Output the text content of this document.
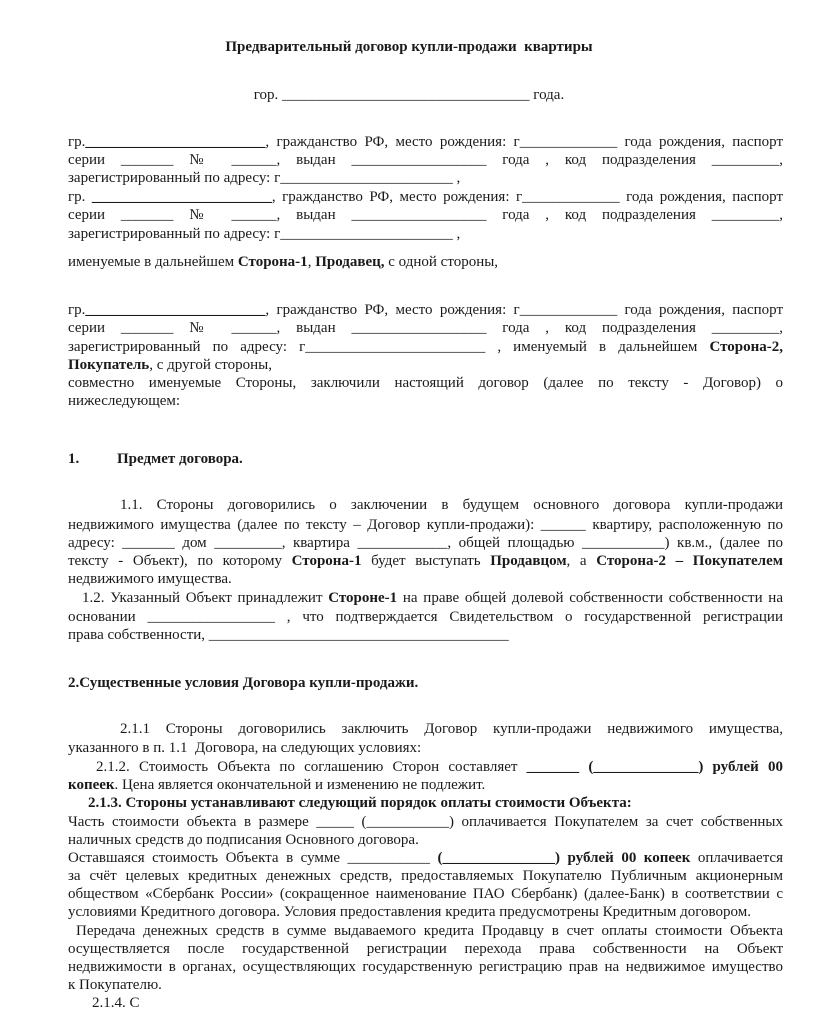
Предварительный договор купли-продажи  квартиры
гор. _________________________________ года.
гр.________________________, гражданство РФ, место рождения: г_____________ года рождения, паспорт
серии _______ № ______, выдан __________________ года , код подразделения _________,
зарегистрированный по адресу: г_______________________ ,
гр. ________________________, гражданство РФ, место рождения: г_____________ года рождения, паспорт
серии _______ № ______, выдан __________________ года , код подразделения _________,
зарегистрированный по адресу: г_______________________ ,
именуемые в дальнейшем Сторона-1, Продавец, с одной стороны,
гр.________________________, гражданство РФ, место рождения: г_____________ года рождения, паспорт
серии _______ № ______, выдан __________________ года , код подразделения _________,
зарегистрированный по адресу: г________________________ , именуемый в дальнейшем Сторона-2,
Покупатель, с другой стороны,
совместно именуемые Стороны, заключили настоящий договор (далее по тексту - Договор) о
нижеследующем:
1.	Предмет договора.
1.1. Стороны договорились о заключении в будущем основного договора купли-продажи
недвижимого имущества (далее по тексту – Договор купли-продажи): ______ квартиру, расположенную по
адресу: _______ дом _________, квартира ____________, общей площадью ___________) кв.м., (далее по
тексту - Объект), по которому Сторона-1 будет выступать Продавцом, а Сторона-2 – Покупателем
недвижимого имущества.
1.2. Указанный Объект принадлежит Стороне-1 на праве общей долевой собственности собственности на
основании _________________ , что подтверждается Свидетельством о государственной регистрации
права собственности, ________________________________________
2.Существенные условия Договора купли-продажи.
2.1.1 Стороны договорились заключить Договор купли-продажи недвижимого имущества,
указанного в п. 1.1  Договора, на следующих условиях:
2.1.2. Стоимость Объекта по соглашению Сторон составляет _______ (______________) рублей 00
копеек. Цена является окончательной и изменению не подлежит.
2.1.3. Стороны устанавливают следующий порядок оплаты стоимости Объекта:
Часть стоимости объекта в размере _____ (___________) оплачивается Покупателем за счет собственных
наличных средств до подписания Основного договора.
Оставшаяся стоимость Объекта в сумме ___________ (_______________) рублей 00 копеек оплачивается
за счёт целевых кредитных денежных средств, предоставляемых Покупателю Публичным акционерным
обществом «Сбербанк России» (сокращенное наименование ПАО Сбербанк) (далее-Банк) в соответствии с
условиями Кредитного договора. Условия предоставления кредита предусмотрены Кредитным договором.
Передача денежных средств в сумме выдаваемого кредита Продавцу в счет оплаты стоимости Объекта
осуществляется после государственной регистрации перехода права собственности на Объект
недвижимости в органах, осуществляющих государственную регистрацию прав на недвижимое имущество
к Покупателю.
2.1.4. С
